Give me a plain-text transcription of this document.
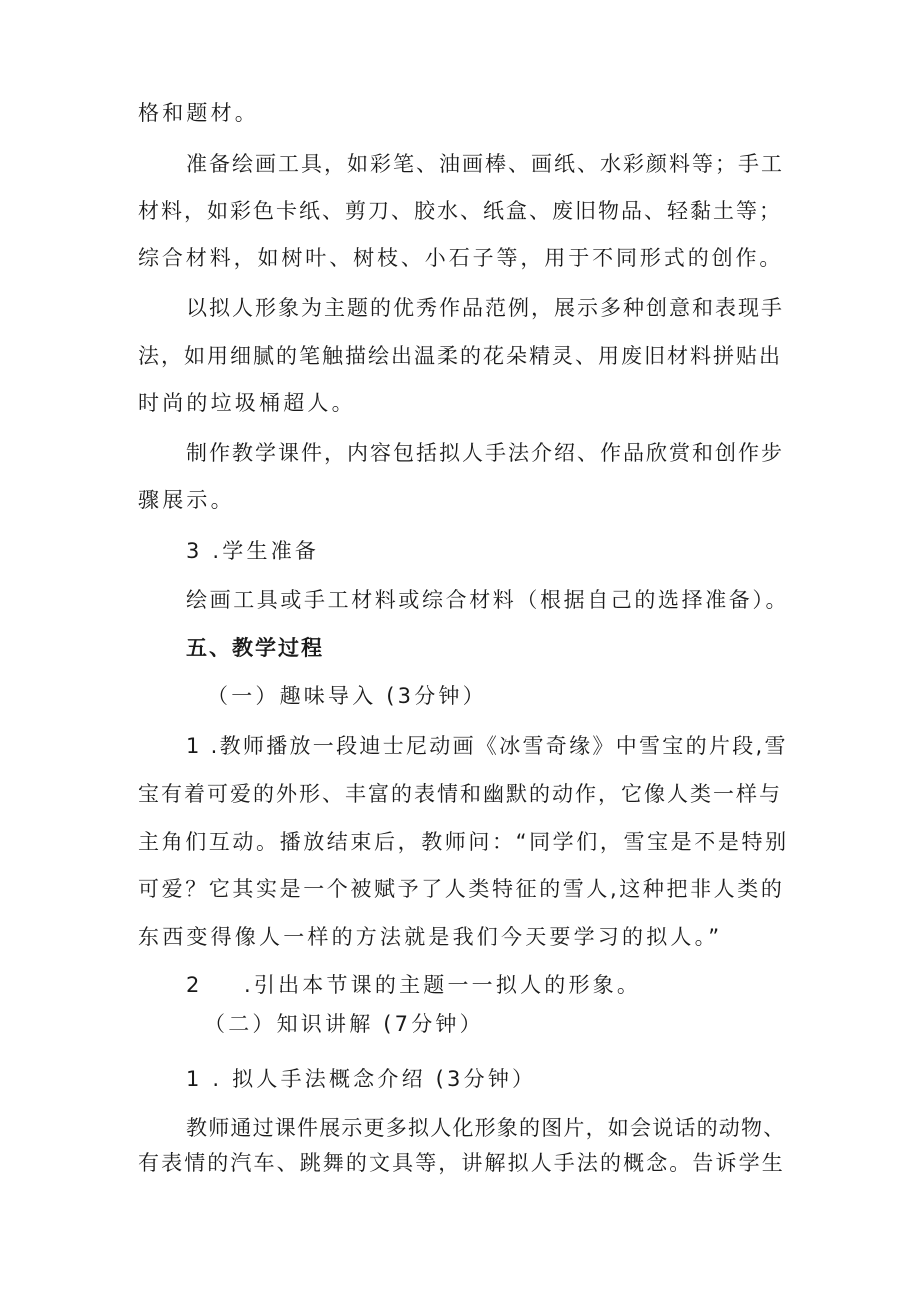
格和题材。
准备绘画工具，如彩笔、油画棒、画纸、水彩颜料等；手工
材料，如彩色卡纸、剪刀、胶水、纸盒、废旧物品、轻黏土等；
综合材料，如树叶、树枝、小石子等，用于不同形式的创作。
以拟人形象为主题的优秀作品范例，展示多种创意和表现手
法，如用细腻的笔触描绘出温柔的花朵精灵、用废旧材料拼贴出
时尚的垃圾桶超人。
制作教学课件，内容包括拟人手法介绍、作品欣赏和创作步
骤展示。
3 .学生准备
绘画工具或手工材料或综合材料（根据自己的选择准备）。
五、教学过程
（一）趣味导入 (3分钟）
1 .教师播放一段迪士尼动画《冰雪奇缘》中雪宝的片段,雪
宝有着可爱的外形、丰富的表情和幽默的动作，它像人类一样与
主角们互动。播放结束后，教师问：“同学们，雪宝是不是特别
可爱？它其实是一个被赋予了人类特征的雪人,这种把非人类的
东西变得像人一样的方法就是我们今天要学习的拟人。”
2 .引出本节课的主题一一拟人的形象。
（二）知识讲解 (7分钟）
1 . 拟人手法概念介绍 (3分钟）
教师通过课件展示更多拟人化形象的图片，如会说话的动物、
有表情的汽车、跳舞的文具等，讲解拟人手法的概念。告诉学生
